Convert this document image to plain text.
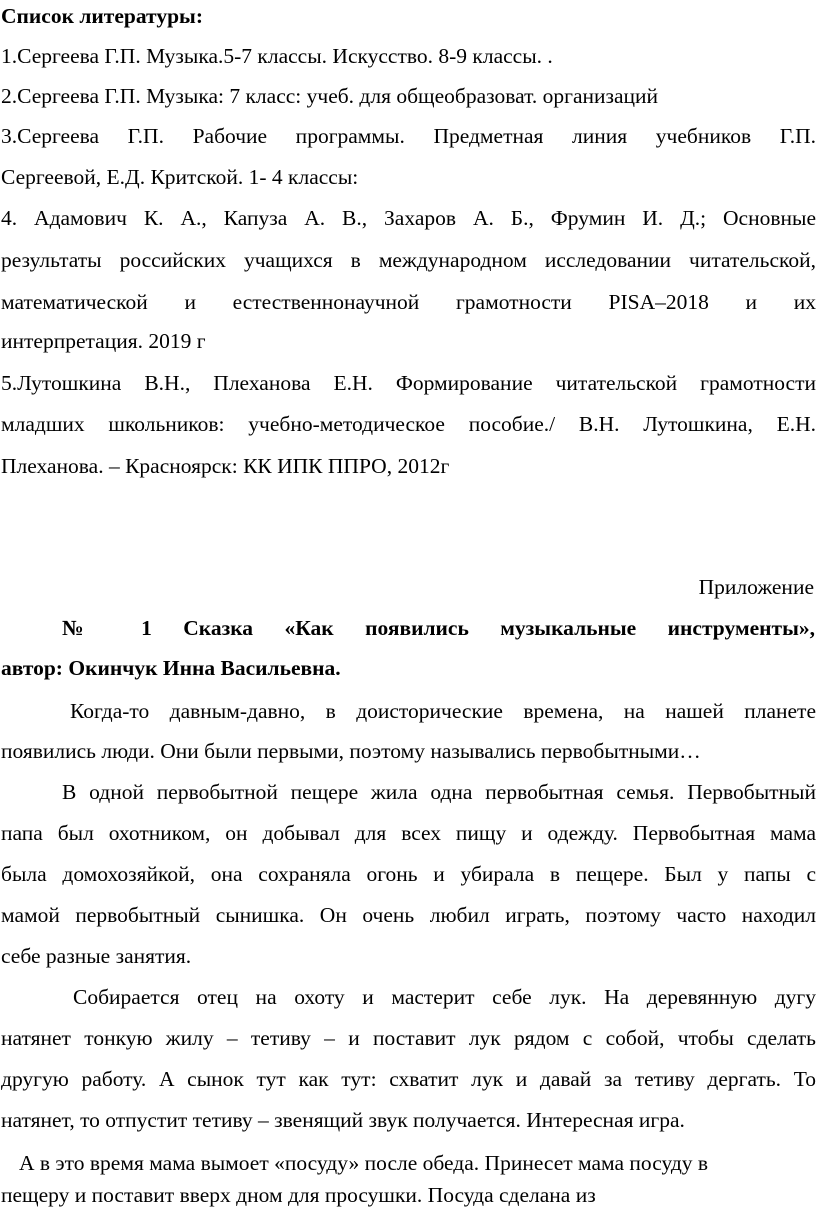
Список литературы:

1.Сергеева Г.П. Музыка.5-7 классы. Искусство. 8-9 классы. .

2.Сергеева Г.П. Музыка: 7 класс: учеб. для общеобразоват. организаций

3.Сергеева Г.П. Рабочие программы. Предметная линия учебников Г.П.

Сергеевой, Е.Д. Критской. 1- 4 классы:

4. Адамович К. А., Капуза А. В., Захаров А. Б., Фрумин И. Д.; Основные

результаты российских учащихся в международном исследовании читательской,

математической и естественнонаучной грамотности PISA–2018 и их

интерпретация. 2019 г

5.Лутошкина В.Н., Плеханова Е.Н. Формирование читательской грамотности

младших школьников: учебно-методическое пособие./ В.Н. Лутошкина, Е.Н.

Плеханова. – Красноярск: КК ИПК ППРО, 2012г

Приложение

№ 1 Сказка «Как появились музыкальные инструменты»,

автор: Окинчук Инна Васильевна.

Когда-то давным-давно, в доисторические времена, на нашей планете

появились люди. Они были первыми, поэтому назывались первобытными…

В одной первобытной пещере жила одна первобытная семья. Первобытный

папа был охотником, он добывал для всех пищу и одежду. Первобытная мама

была домохозяйкой, она сохраняла огонь и убирала в пещере. Был у папы с

мамой первобытный сынишка. Он очень любил играть, поэтому часто находил

себе разные занятия.

Собирается отец на охоту и мастерит себе лук. На деревянную дугу

натянет тонкую жилу – тетиву – и поставит лук рядом с собой, чтобы сделать

другую работу. А сынок тут как тут: схватит лук и давай за тетиву дергать. То

натянет, то отпустит тетиву – звенящий звук получается. Интересная игра.

А в это время мама вымоет «посуду» после обеда. Принесет мама посуду в

пещеру и поставит вверх дном для просушки. Посуда сделана из
